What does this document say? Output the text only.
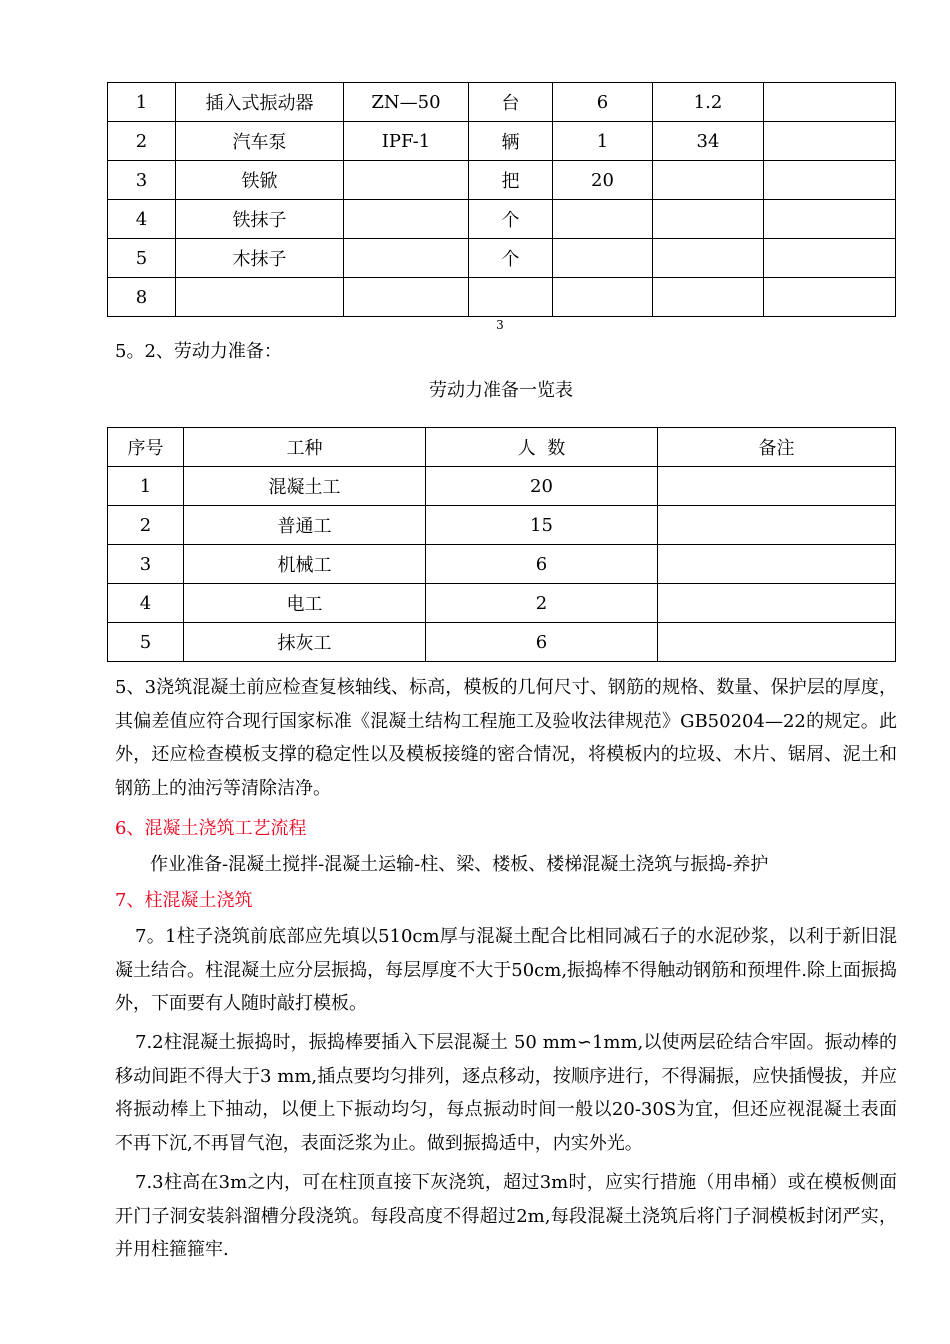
1	插入式振动器	ZN—50	台	6	1.2	
2	汽车泵	IPF-1	辆	1	34	
3	铁锨		把	20		
4	铁抹子		个			
5	木抹子		个			
8						
3
5。2、劳动力准备：
劳动力准备一览表
序号	工种	人  数	备注
1	混凝土工	20	
2	普通工	15	
3	机械工	6	
4	电工	2	
5	抹灰工	6	

5、3浇筑混凝土前应检查复核轴线、标高，模板的几何尺寸、钢筋的规格、数量、保护层的厚度，其偏差值应符合现行国家标准《混凝土结构工程施工及验收法律规范》GB50204—22的规定。此外，还应检查模板支撑的稳定性以及模板接缝的密合情况，将模板内的垃圾、木片、锯屑、泥土和钢筋上的油污等清除洁净。

6、混凝土浇筑工艺流程
作业准备-混凝土搅拌-混凝土运输-柱、梁、楼板、楼梯混凝土浇筑与振捣-养护
7、柱混凝土浇筑

7。1柱子浇筑前底部应先填以510cm厚与混凝土配合比相同减石子的水泥砂浆，以利于新旧混凝土结合。柱混凝土应分层振捣，每层厚度不大于50cm,振捣棒不得触动钢筋和预埋件.除上面振捣外，下面要有人随时敲打模板。

7.2柱混凝土振捣时，振捣棒要插入下层混凝土 50 mm∽1mm,以使两层砼结合牢固。振动棒的移动间距不得大于3 mm,插点要均匀排列，逐点移动，按顺序进行，不得漏振，应快插慢拔，并应将振动棒上下抽动，以便上下振动均匀，每点振动时间一般以20-30S为宜，但还应视混凝土表面不再下沉,不再冒气泡，表面泛浆为止。做到振捣适中，内实外光。

7.3柱高在3m之内，可在柱顶直接下灰浇筑，超过3m时，应实行措施（用串桶）或在模板侧面开门子洞安装斜溜槽分段浇筑。每段高度不得超过2m,每段混凝土浇筑后将门子洞模板封闭严实，并用柱箍箍牢.
